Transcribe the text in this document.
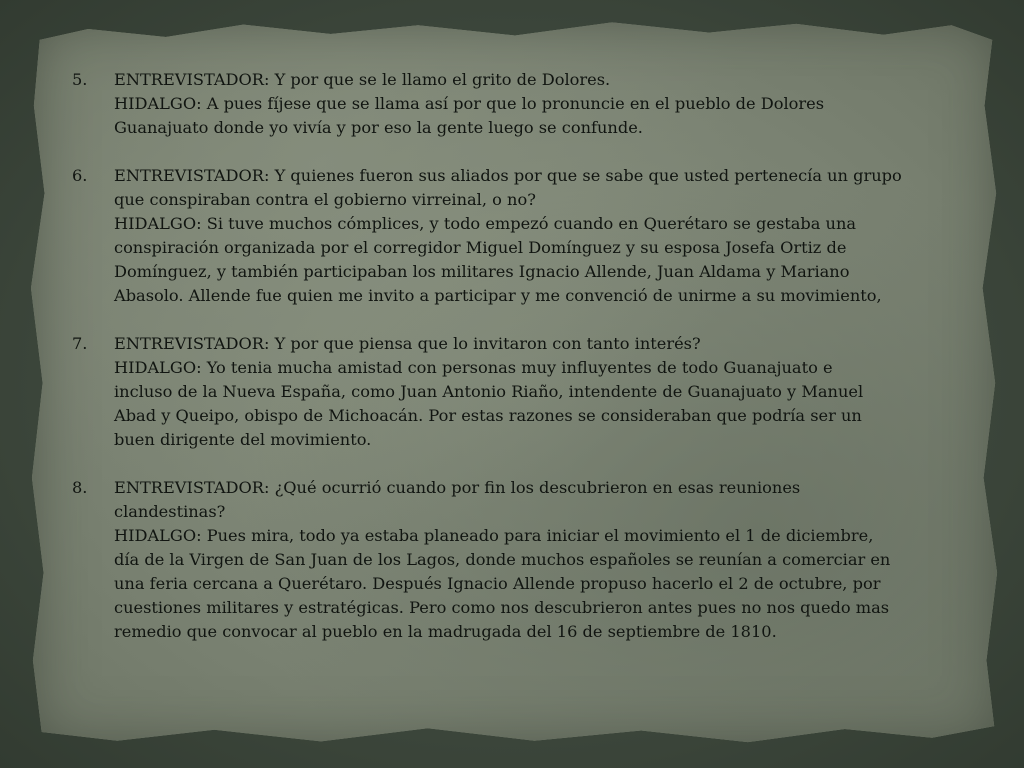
5.	ENTREVISTADOR: Y por que se le llamo el grito de Dolores.
HIDALGO: A pues fíjese que se llama así por que lo pronuncie en el pueblo de Dolores
Guanajuato donde yo vivía y por eso la gente luego se confunde.
6.	ENTREVISTADOR: Y quienes fueron sus aliados por que se sabe que usted pertenecía un grupo
que conspiraban contra el gobierno virreinal, o no?
HIDALGO: Si tuve muchos cómplices, y todo empezó cuando en Querétaro se gestaba una
conspiración organizada por el corregidor Miguel Domínguez y su esposa Josefa Ortiz de
Domínguez, y también participaban los militares Ignacio Allende, Juan Aldama y Mariano
Abasolo. Allende fue quien me invito a participar y me convenció de unirme a su movimiento,
7.	ENTREVISTADOR: Y por que piensa que lo invitaron con tanto interés?
HIDALGO: Yo tenia mucha amistad con personas muy influyentes de todo Guanajuato e
incluso de la Nueva España, como Juan Antonio Riaño, intendente de Guanajuato y Manuel
Abad y Queipo, obispo de Michoacán. Por estas razones se consideraban que podría ser un
buen dirigente del movimiento.
8.	ENTREVISTADOR: ¿Qué ocurrió cuando por fin los descubrieron en esas reuniones
clandestinas?
HIDALGO: Pues mira, todo ya estaba planeado para iniciar el movimiento el 1 de diciembre,
día de la Virgen de San Juan de los Lagos, donde muchos españoles se reunían a comerciar en
una feria cercana a Querétaro. Después Ignacio Allende propuso hacerlo el 2 de octubre, por
cuestiones militares y estratégicas. Pero como nos descubrieron antes pues no nos quedo mas
remedio que convocar al pueblo en la madrugada del 16 de septiembre de 1810.
